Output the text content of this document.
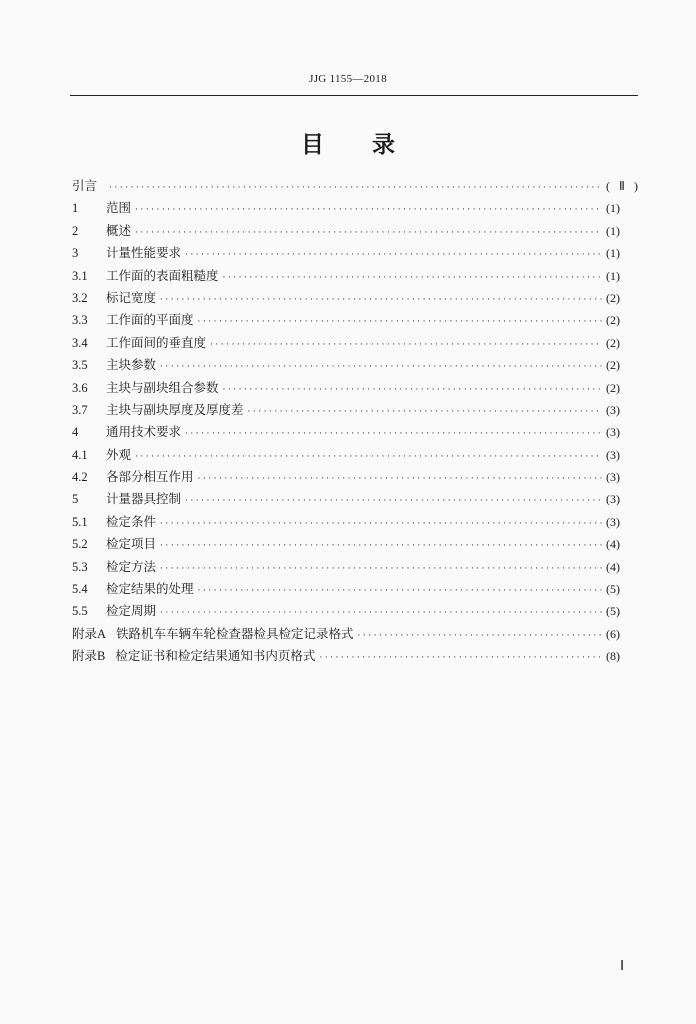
JJG 1155—2018
目录
引言 ·····	(Ⅱ)
1	范围 ·····	(1)
2	概述 ·····	(1)
3	计量性能要求 ·····	(1)
3.1	工作面的表面粗糙度 ·····	(1)
3.2	标记宽度 ·····	(2)
3.3	工作面的平面度 ·····	(2)
3.4	工作面间的垂直度 ·····	(2)
3.5	主块参数 ·····	(2)
3.6	主块与副块组合参数 ·····	(2)
3.7	主块与副块厚度及厚度差 ·····	(3)
4	通用技术要求 ·····	(3)
4.1	外观 ·····	(3)
4.2	各部分相互作用 ·····	(3)
5	计量器具控制 ·····	(3)
5.1	检定条件 ·····	(3)
5.2	检定项目 ·····	(4)
5.3	检定方法 ·····	(4)
5.4	检定结果的处理 ·····	(5)
5.5	检定周期 ·····	(5)
附录A 铁路机车车辆车轮检查器检具检定记录格式 ·····	(6)
附录B 检定证书和检定结果通知书内页格式 ·····	(8)
Ⅰ
